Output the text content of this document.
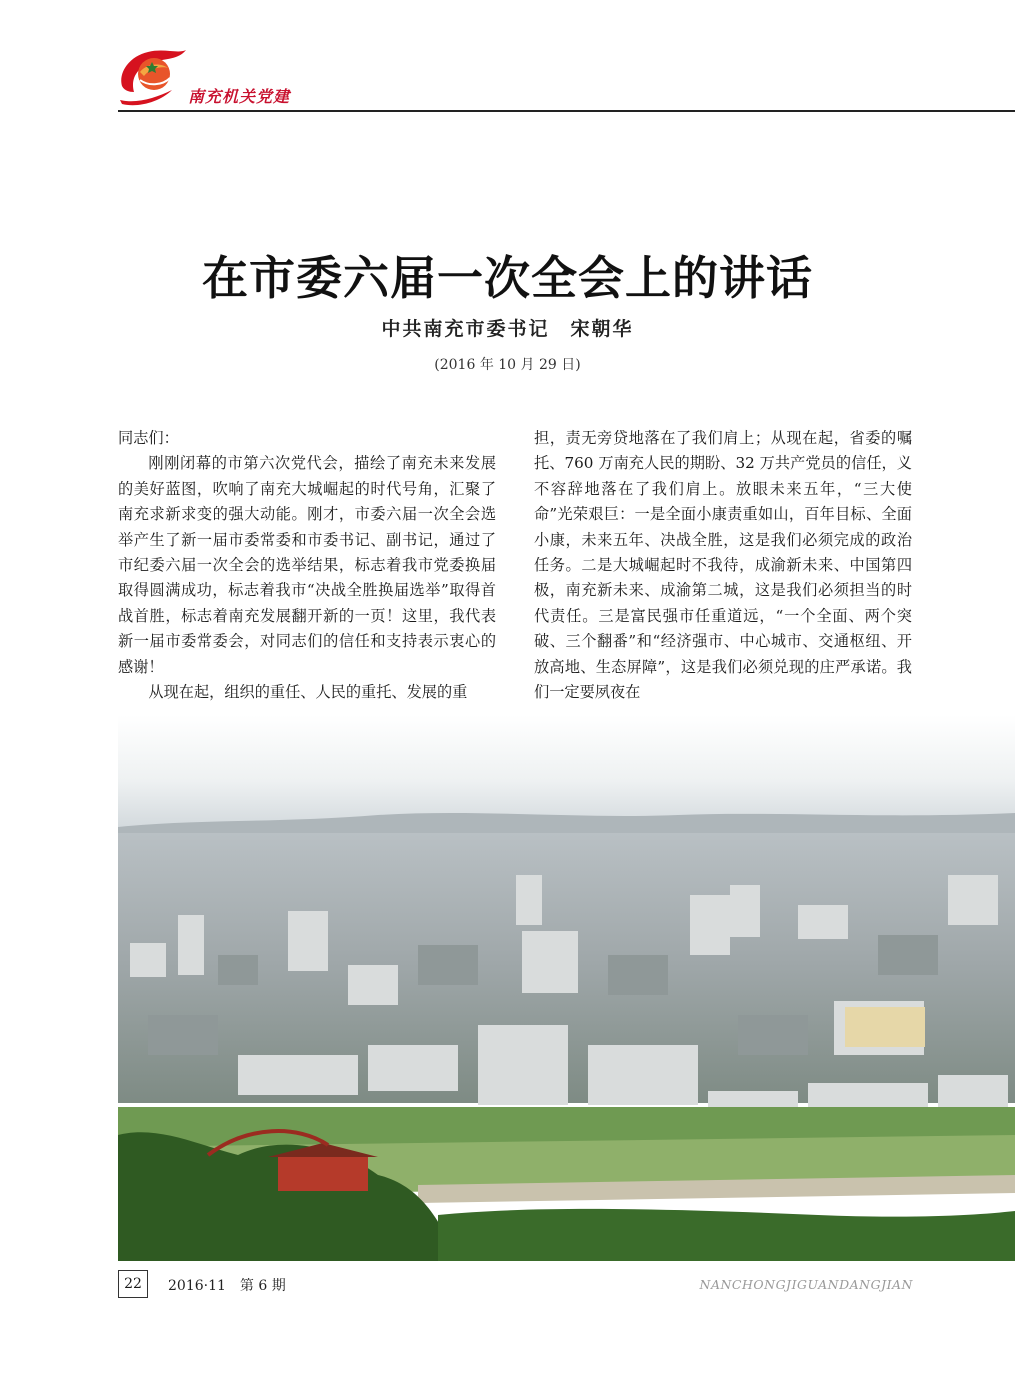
南充机关党建
在市委六届一次全会上的讲话
中共南充市委书记　宋朝华
(2016 年 10 月 29 日)

同志们：

刚刚闭幕的市第六次党代会，描绘了南充未来发展的美好蓝图，吹响了南充大城崛起的时代号角，汇聚了南充求新求变的强大动能。刚才，市委六届一次全会选举产生了新一届市委常委和市委书记、副书记，通过了市纪委六届一次全会的选举结果，标志着我市党委换届取得圆满成功，标志着我市“决战全胜换届选举”取得首战首胜，标志着南充发展翻开新的一页！这里，我代表新一届市委常委会，对同志们的信任和支持表示衷心的感谢！

从现在起，组织的重任、人民的重托、发展的重

担，责无旁贷地落在了我们肩上；从现在起，省委的嘱托、760 万南充人民的期盼、32 万共产党员的信任，义不容辞地落在了我们肩上。放眼未来五年，“三大使命”光荣艰巨：一是全面小康责重如山，百年目标、全面小康，未来五年、决战全胜，这是我们必须完成的政治任务。二是大城崛起时不我待，成渝新未来、中国第四极，南充新未来、成渝第二城，这是我们必须担当的时代责任。三是富民强市任重道远，“一个全面、两个突破、三个翻番”和“经济强市、中心城市、交通枢纽、开放高地、生态屏障”，这是我们必须兑现的庄严承诺。我们一定要夙夜在

22	2016·11　第 6 期	NANCHONGJIGUANDANGJIAN
